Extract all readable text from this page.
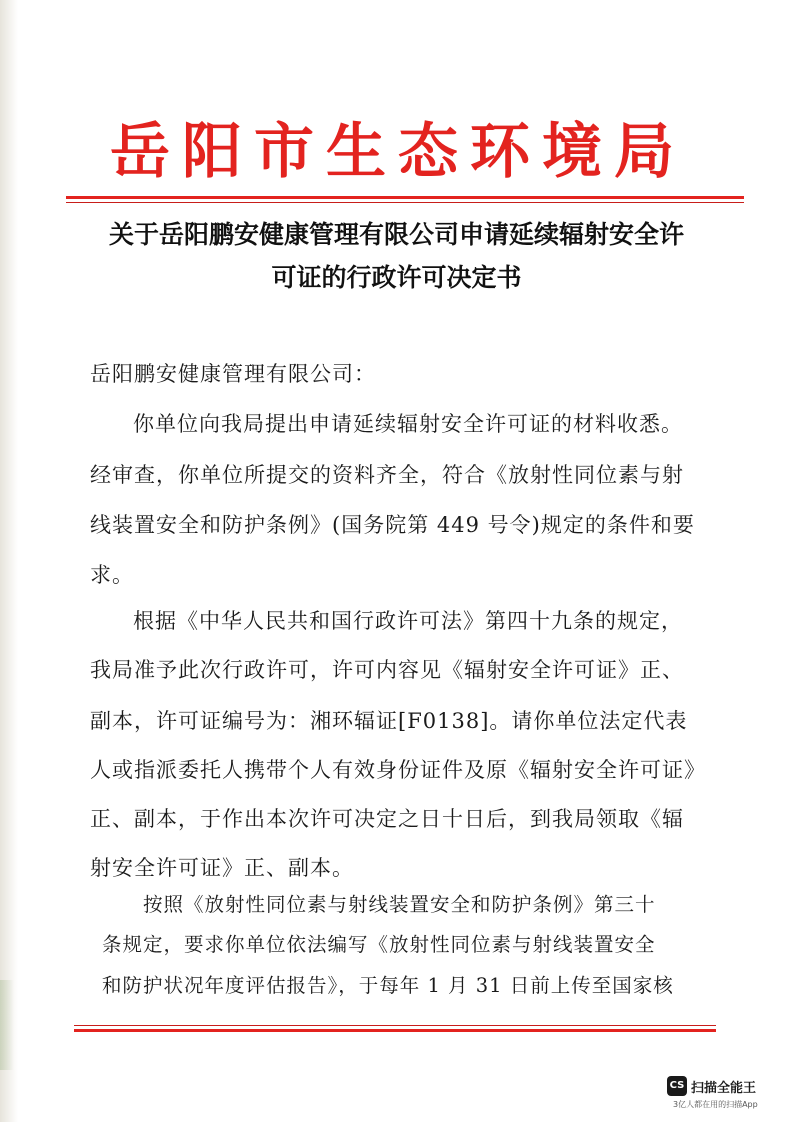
岳阳市生态环境局
关于岳阳鹏安健康管理有限公司申请延续辐射安全许
可证的行政许可决定书
岳阳鹏安健康管理有限公司：
你单位向我局提出申请延续辐射安全许可证的材料收悉。
经审查，你单位所提交的资料齐全，符合《放射性同位素与射
线装置安全和防护条例》(国务院第 449 号令)规定的条件和要
求。
根据《中华人民共和国行政许可法》第四十九条的规定，
我局准予此次行政许可，许可内容见《辐射安全许可证》正、
副本，许可证编号为：湘环辐证[F0138]。请你单位法定代表
人或指派委托人携带个人有效身份证件及原《辐射安全许可证》
正、副本，于作出本次许可决定之日十日后，到我局领取《辐
射安全许可证》正、副本。
按照《放射性同位素与射线装置安全和防护条例》第三十
条规定，要求你单位依法编写《放射性同位素与射线装置安全
和防护状况年度评估报告》，于每年 1 月 31 日前上传至国家核
CS 扫描全能王
3亿人都在用的扫描App
